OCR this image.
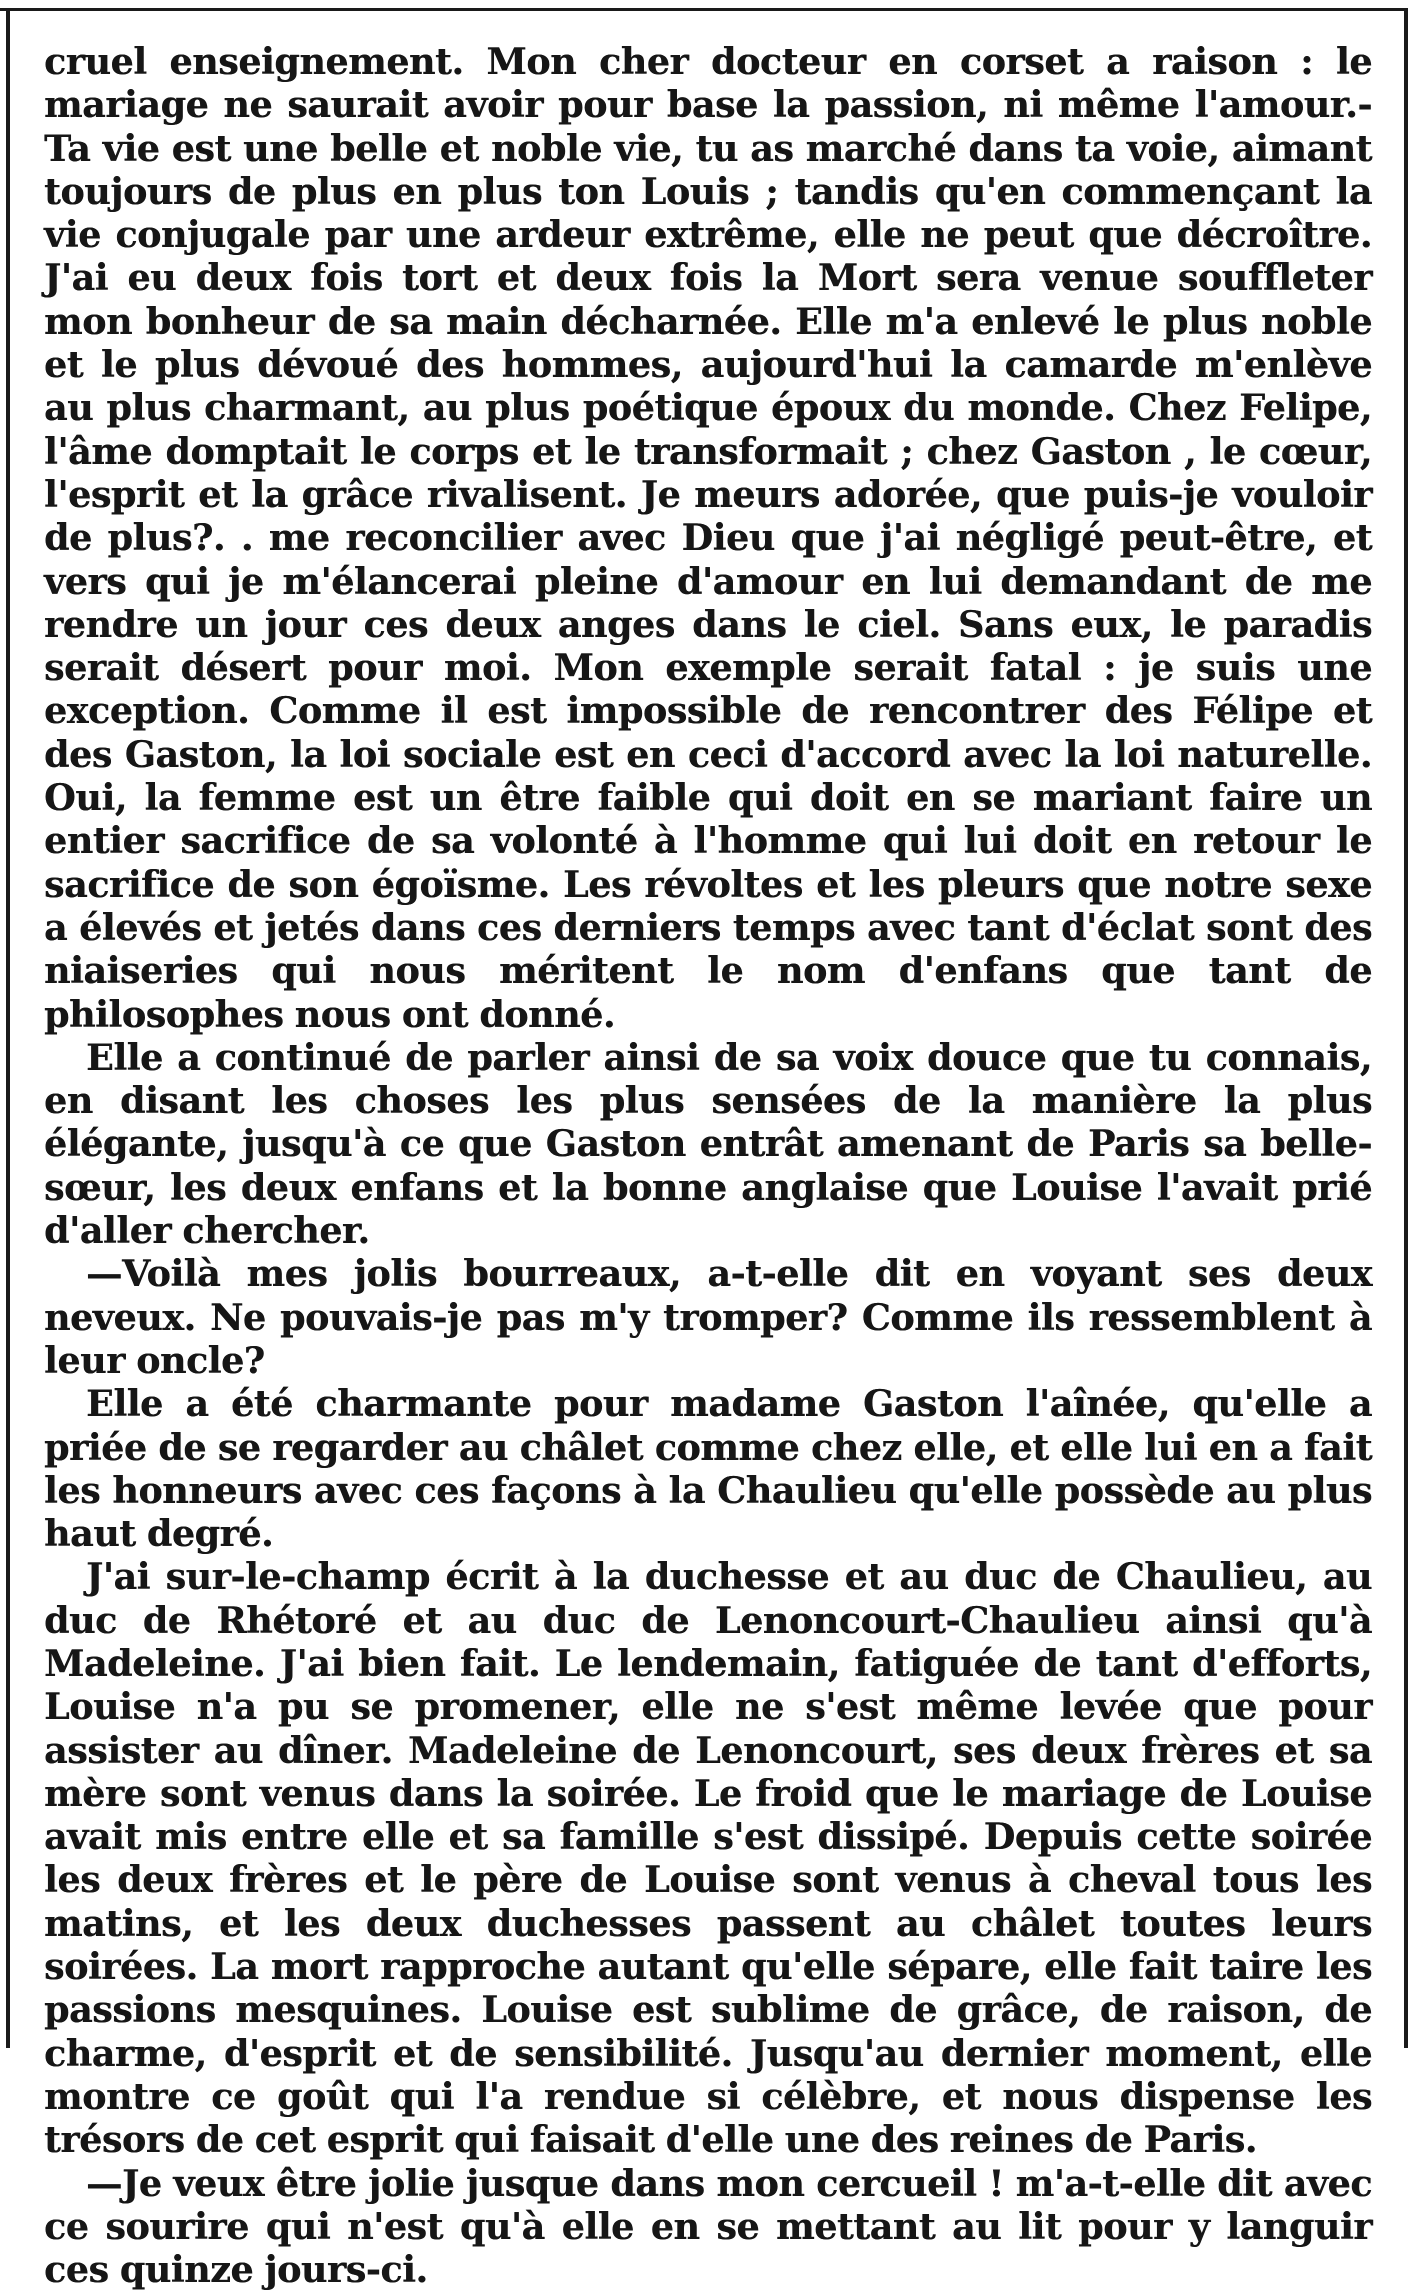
cruel enseignement. Mon cher docteur en corset a raison : le mariage ne saurait avoir pour base la passion, ni même l'amour.- Ta vie est une belle et noble vie, tu as marché dans ta voie, aimant toujours de plus en plus ton Louis ; tandis qu'en commençant la vie conjugale par une ardeur extrême, elle ne peut que décroître. J'ai eu deux fois tort et deux fois la Mort sera venue souffleter mon bonheur de sa main décharnée. Elle m'a enlevé le plus noble et le plus dévoué des hommes, aujourd'hui la camarde m'enlève au plus charmant, au plus poétique époux du monde. Chez Felipe, l'âme domptait le corps et le transformait ; chez Gaston , le cœur, l'esprit et la grâce rivalisent. Je meurs adorée, que puis-je vouloir de plus?. . me reconcilier avec Dieu que j'ai négligé peut-être, et vers qui je m'élancerai pleine d'amour en lui demandant de me rendre un jour ces deux anges dans le ciel. Sans eux, le paradis serait désert pour moi. Mon exemple serait fatal : je suis une exception. Comme il est impossible de rencontrer des Félipe et des Gaston, la loi sociale est en ceci d'accord avec la loi naturelle. Oui, la femme est un être faible qui doit en se mariant faire un entier sacrifice de sa volonté à l'homme qui lui doit en retour le sacrifice de son égoïsme. Les révoltes et les pleurs que notre sexe a élevés et jetés dans ces derniers temps avec tant d'éclat sont des niaiseries qui nous méritent le nom d'enfans que tant de philosophes nous ont donné.

Elle a continué de parler ainsi de sa voix douce que tu connais, en disant les choses les plus sensées de la manière la plus élégante, jusqu'à ce que Gaston entrât amenant de Paris sa belle-sœur, les deux enfans et la bonne anglaise que Louise l'avait prié d'aller chercher.

—Voilà mes jolis bourreaux, a-t-elle dit en voyant ses deux neveux. Ne pouvais-je pas m'y tromper? Comme ils ressemblent à leur oncle?

Elle a été charmante pour madame Gaston l'aînée, qu'elle a priée de se regarder au châlet comme chez elle, et elle lui en a fait les honneurs avec ces façons à la Chaulieu qu'elle possède au plus haut degré.

J'ai sur-le-champ écrit à la duchesse et au duc de Chaulieu, au duc de Rhétoré et au duc de Lenoncourt-Chaulieu ainsi qu'à Madeleine. J'ai bien fait. Le lendemain, fatiguée de tant d'efforts, Louise n'a pu se promener, elle ne s'est même levée que pour assister au dîner. Madeleine de Lenoncourt, ses deux frères et sa mère sont venus dans la soirée. Le froid que le mariage de Louise avait mis entre elle et sa famille s'est dissipé. Depuis cette soirée les deux frères et le père de Louise sont venus à cheval tous les matins, et les deux duchesses passent au châlet toutes leurs soirées. La mort rapproche autant qu'elle sépare, elle fait taire les passions mesquines. Louise est sublime de grâce, de raison, de charme, d'esprit et de sensibilité. Jusqu'au dernier moment, elle montre ce goût qui l'a rendue si célèbre, et nous dispense les trésors de cet esprit qui faisait d'elle une des reines de Paris.

—Je veux être jolie jusque dans mon cercueil ! m'a-t-elle dit avec ce sourire qui n'est qu'à elle en se mettant au lit pour y languir ces quinze jours-ci.
